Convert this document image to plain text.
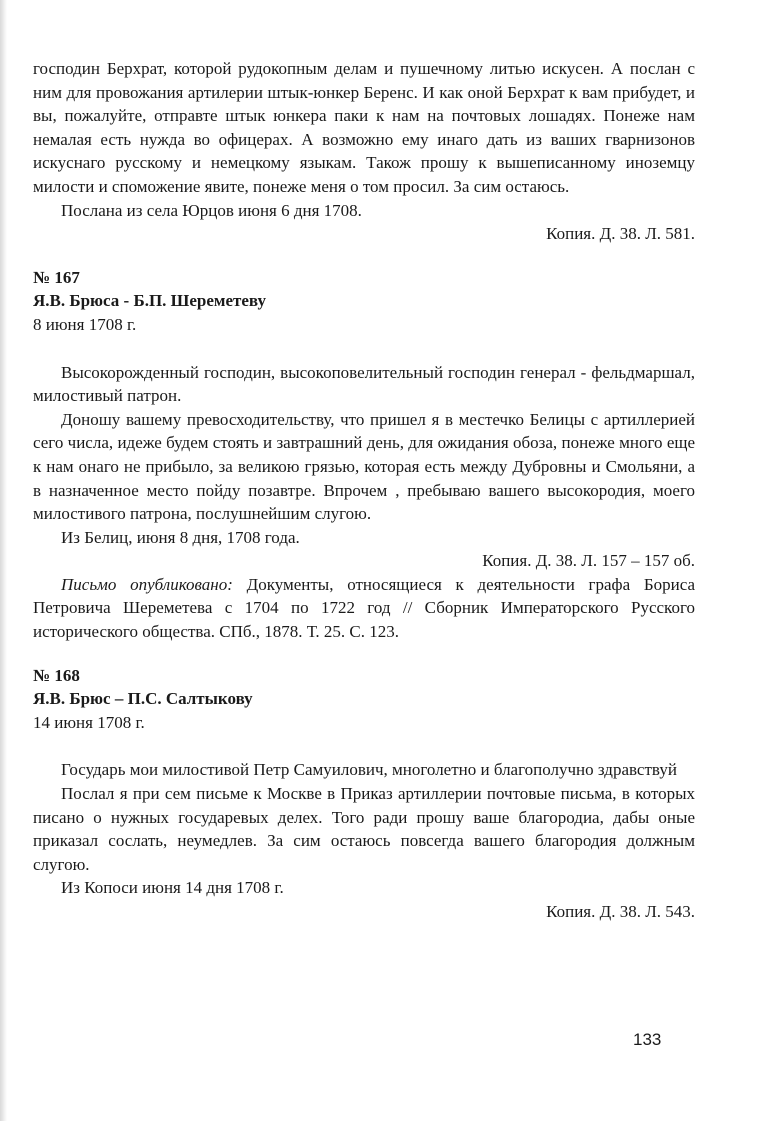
господин Берхрат, которой рудокопным делам и пушечному литью искусен. А послан с ним для провожания артилерии штык-юнкер Беренс. И как оной Берхрат к вам прибудет, и вы, пожалуйте, отправте штык юнкера паки к нам на почтовых лошадях. Понеже нам немалая есть нужда во офицерах. А возможно ему инаго дать из ваших гварнизонов искуснаго русскому и немецкому языкам. Також прошу к вышеписанному иноземцу милости и споможение явите, понеже меня о том просил. За сим остаюсь.

Послана из села Юрцов июня 6 дня 1708.

Копия. Д. 38. Л. 581.

№ 167

Я.В. Брюса - Б.П. Шереметеву

8 июня 1708 г.

Высокорожденный господин, высокоповелительный господин генерал - фельдмаршал, милостивый патрон.

Доношу вашему превосходительству, что пришел я в местечко Белицы с артиллерией сего числа, идеже будем стоять и завтрашний день, для ожидания обоза, понеже много еще к нам онаго не прибыло, за великою грязью, которая есть между Дубровны и Смольяни, а в назначенное место пойду позавтре. Впрочем , пребываю вашего высокородия, моего милостивого патрона, послушнейшим слугою.

Из Белиц, июня 8 дня, 1708 года.

Копия. Д. 38. Л. 157 – 157 об.

Письмо опубликовано: Документы, относящиеся к деятельности графа Бориса Петровича Шереметева с 1704 по 1722 год // Сборник Императорского Русского исторического общества. СПб., 1878. Т. 25. С. 123.

№ 168

Я.В. Брюс – П.С. Салтыкову

14 июня 1708 г.

Государь мои милостивой Петр Самуилович, многолетно и благополучно здравствуй

Послал я при сем письме к Москве в Приказ артиллерии почтовые письма, в которых писано о нужных государевых делех. Того ради прошу ваше благородиа, дабы оные приказал сослать, неумедлев. За сим остаюсь повсегда вашего благородия должным слугою.

Из Копоси июня 14 дня 1708 г.

Копия. Д. 38. Л. 543.

133
